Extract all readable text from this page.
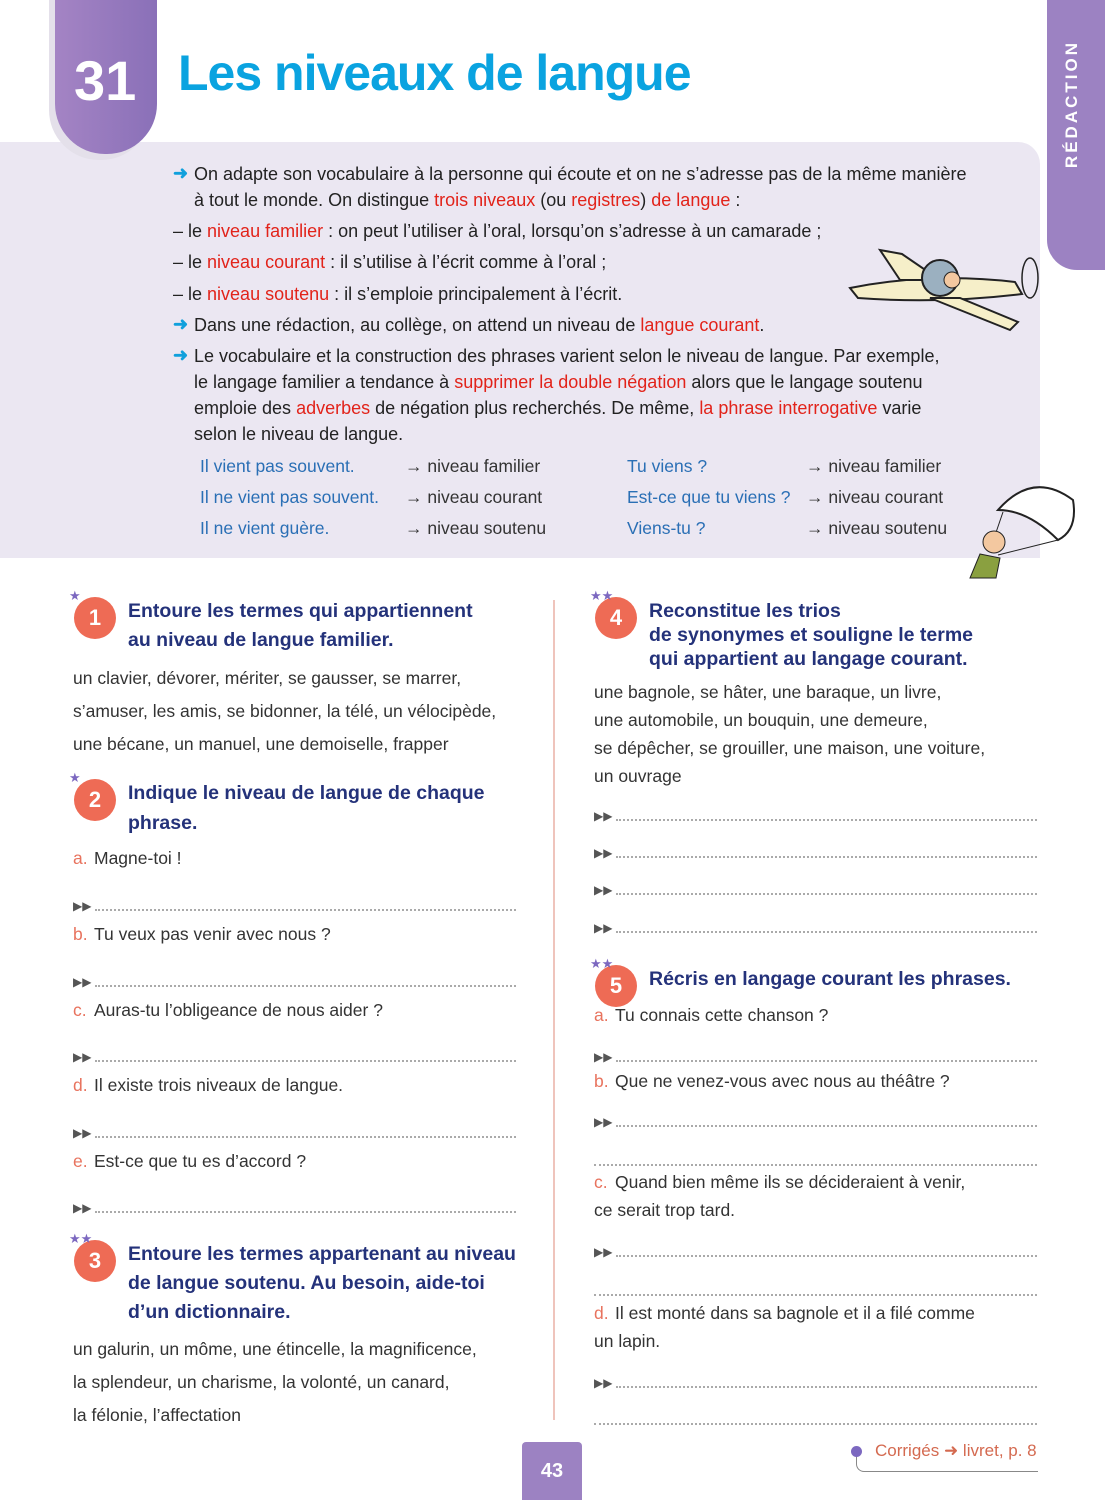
31 Les niveaux de langue	RÉDACTION
➜ On adapte son vocabulaire à la personne qui écoute et on ne s’adresse pas de la même manière
à tout le monde. On distingue trois niveaux (ou registres) de langue :
– le niveau familier : on peut l’utiliser à l’oral, lorsqu’on s’adresse à un camarade ;
– le niveau courant : il s’utilise à l’écrit comme à l’oral ;
– le niveau soutenu : il s’emploie principalement à l’écrit.
➜ Dans une rédaction, au collège, on attend un niveau de langue courant.
➜ Le vocabulaire et la construction des phrases varient selon le niveau de langue. Par exemple,
le langage familier a tendance à supprimer la double négation alors que le langage soutenu
emploie des adverbes de négation plus recherchés. De même, la phrase interrogative varie
selon le niveau de langue.
Il vient pas souvent.	→ niveau familier
Il ne vient pas souvent. → niveau courant
Il ne vient guère.	→ niveau soutenu
Tu viens ?	→ niveau familier
Est-ce que tu viens ? → niveau courant
Viens-tu ?	→ niveau soutenu
★
1	Entoure les termes qui appartiennent
au niveau de langue familier.
un clavier, dévorer, mériter, se gausser, se marrer,
s’amuser, les amis, se bidonner, la télé, un vélocipède,
une bécane, un manuel, une demoiselle, frapper
★
2	Indique le niveau de langue de chaque
phrase.
a. Magne-toi !
▶▶
b. Tu veux pas venir avec nous ?
▶▶
c. Auras-tu l’obligeance de nous aider ?
▶▶
d. Il existe trois niveaux de langue.
▶▶
e. Est-ce que tu es d’accord ?
▶▶
★★
3	Entoure les termes appartenant au niveau
de langue soutenu. Au besoin, aide-toi
d’un dictionnaire.
un galurin, un môme, une étincelle, la magnificence,
la splendeur, un charisme, la volonté, un canard,
la félonie, l’affectation
★★
4	Reconstitue les trios
de synonymes et souligne le terme
qui appartient au langage courant.
une bagnole, se hâter, une baraque, un livre,
une automobile, un bouquin, une demeure,
se dépêcher, se grouiller, une maison, une voiture,
un ouvrage
▶▶
▶▶
▶▶
▶▶
★★
5	Récris en langage courant les phrases.
a. Tu connais cette chanson ?
▶▶
b. Que ne venez-vous avec nous au théâtre ?
▶▶
c. Quand bien même ils se décideraient à venir,
ce serait trop tard.
▶▶
d. Il est monté dans sa bagnole et il a filé comme
un lapin.
▶▶
43
Corrigés ➜ livret, p. 8
